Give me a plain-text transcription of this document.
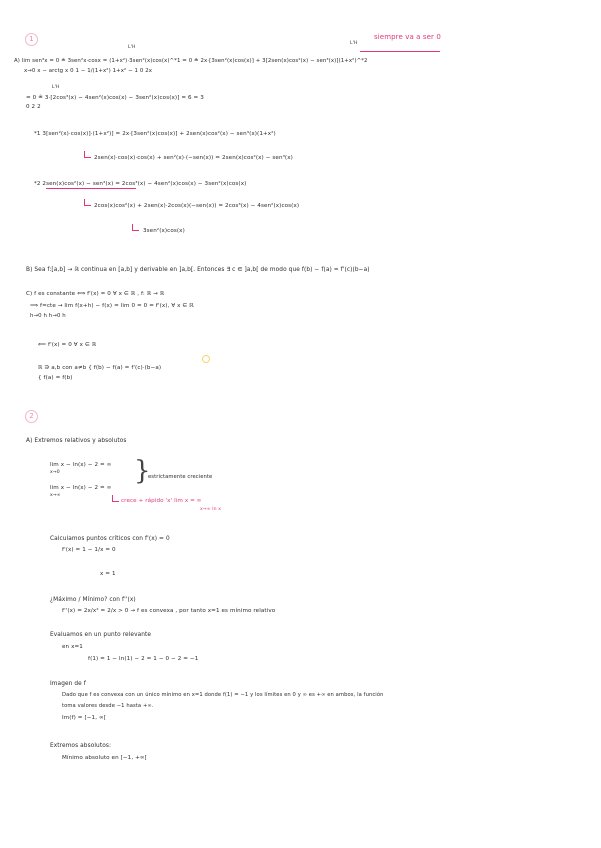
1	siempre va a ser 0
L'H
L'H
A) lim sen³x = 0 ≗ 3sen²x·cosx = (1+x²)·3sen²(x)cos(x)^*1 = 0 ≗ 2x·[3sen²(x)cos(x)] + 3[2sen(x)cos²(x) − sen³(x)](1+x²)^*2
x→0 x − arctg x 0 1 − 1/(1+x²) 1+x² − 1 0 2x
L'H
= 0 ≗ 3·[2cos³(x) − 4sen²(x)cos(x) − 3sen²(x)cos(x)] = 6 = 3
0 2 2
*1 3[sen²(x)·cos(x)]·(1+x²)] = 2x·[3sen²(x)cos(x)] + 2sen(x)cos²(x) − sen³(x)(1+x²)
2sen(x)·cos(x)·cos(x) + sen²(x)·(−sen(x)) = 2sen(x)cos²(x) − sen³(x)
*2 2sen(x)cos²(x) − sen³(x) = 2cos³(x) − 4sen²(x)cos(x) − 3sen²(x)cos(x)
2cos(x)cos²(x) + 2sen(x)·2cos(x)(−sen(x)) = 2cos³(x) − 4sen²(x)cos(x)
3sen²(x)cos(x)
B) Sea f:[a,b] → ℝ continua en [a,b] y derivable en ]a,b[. Entonces ∃ c ∈ ]a,b[ de modo que f(b) − f(a) = f'(c)(b−a)
C) f es constante ⟺ f'(x) = 0 ∀ x ∈ ℝ , f: ℝ → ℝ
⟹ f=cte → lim f(x+h) − f(x) = lim 0 = 0 = f'(x), ∀ x ∈ ℝ
h→0 h h→0 h
⟸ f'(x) = 0 ∀ x ∈ ℝ
ℝ ∋ a,b con a≠b { f(b) − f(a) = f'(c)·(b−a)
{ f(a) = f(b)
2
A) Extremos relativos y absolutos
lim x − ln(x) − 2 = ∞
x→0
lim x − ln(x) − 2 = ∞
x→∞
}
estrictamente creciente
crece + rápido 'x' lim x = ∞
x→∞ ln x
Calculamos puntos críticos con f'(x) = 0
f'(x) = 1 − 1/x = 0
x = 1
¿Máximo / Mínimo? con f''(x)
f''(x) = 2x/x² = 2/x > 0 → f es convexa , por tanto x=1 es mínimo relativo
Evaluamos en un punto relevante
en x=1
f(1) = 1 − ln(1) − 2 = 1 − 0 − 2 = −1
Imagen de f
Dado que f es convexa con un único mínimo en x=1 donde f(1) = −1 y los límites en 0 y ∞ es +∞ en ambos, la función
toma valores desde −1 hasta +∞.
Im(f) = [−1, ∞[
Extremos absolutos:
Mínimo absoluto en [−1, +∞[
